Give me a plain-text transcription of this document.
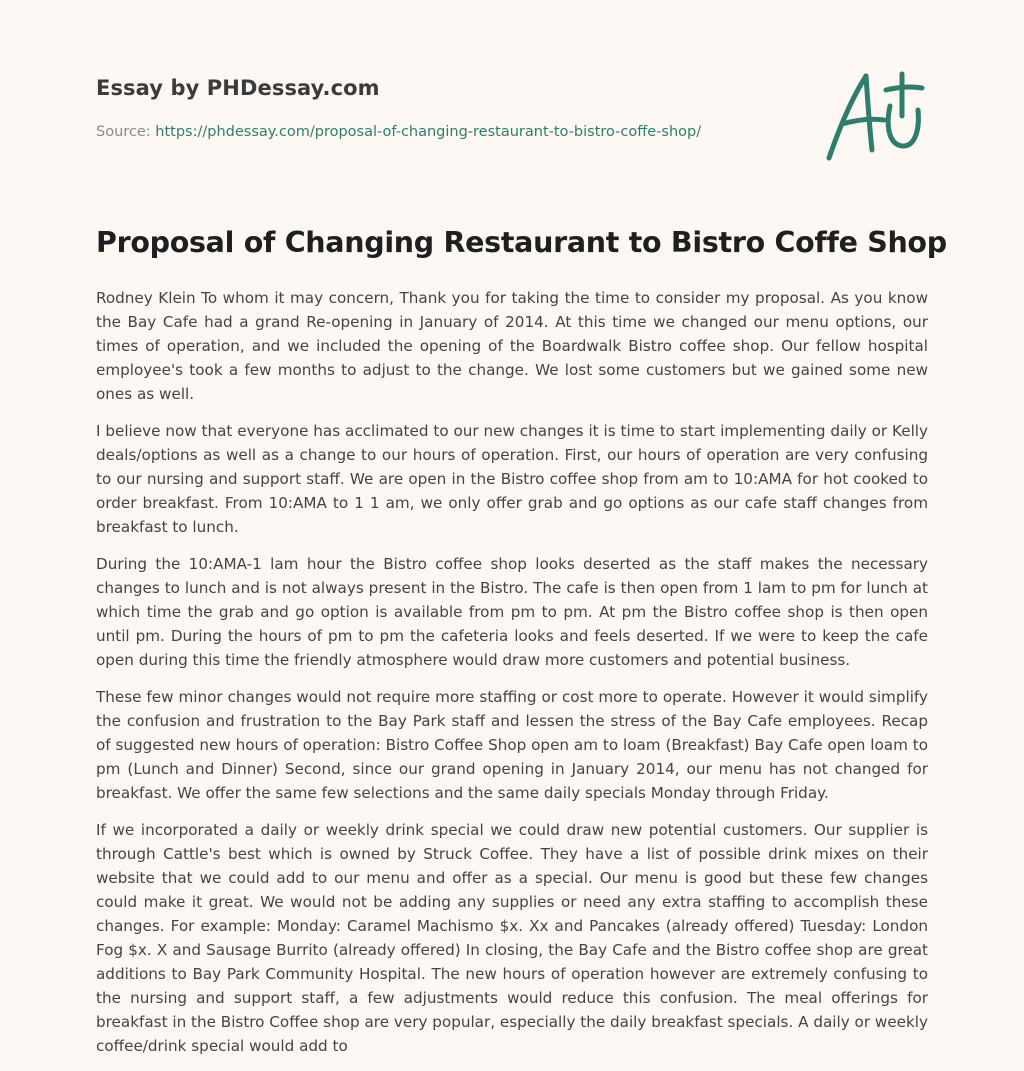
Essay by PHDessay.com
Source: https://phdessay.com/proposal-of-changing-restaurant-to-bistro-coffe-shop/
Proposal of Changing Restaurant to Bistro Coffe Shop

Rodney Klein To whom it may concern, Thank you for taking the time to consider my proposal. As you know the Bay Cafe had a grand Re-opening in January of 2014. At this time we changed our menu options, our times of operation, and we included the opening of the Boardwalk Bistro coffee shop. Our fellow hospital employee's took a few months to adjust to the change. We lost some customers but we gained some new ones as well.

I believe now that everyone has acclimated to our new changes it is time to start implementing daily or Kelly deals/options as well as a change to our hours of operation. First, our hours of operation are very confusing to our nursing and support staff. We are open in the Bistro coffee shop from am to 10:AMA for hot cooked to order breakfast. From 10:AMA to 1 1 am, we only offer grab and go options as our cafe staff changes from breakfast to lunch.

During the 10:AMA-1 lam hour the Bistro coffee shop looks deserted as the staff makes the necessary changes to lunch and is not always present in the Bistro. The cafe is then open from 1 lam to pm for lunch at which time the grab and go option is available from pm to pm. At pm the Bistro coffee shop is then open until pm. During the hours of pm to pm the cafeteria looks and feels deserted. If we were to keep the cafe open during this time the friendly atmosphere would draw more customers and potential business.

These few minor changes would not require more staffing or cost more to operate. However it would simplify the confusion and frustration to the Bay Park staff and lessen the stress of the Bay Cafe employees. Recap of suggested new hours of operation: Bistro Coffee Shop open am to loam (Breakfast) Bay Cafe open loam to pm (Lunch and Dinner) Second, since our grand opening in January 2014, our menu has not changed for breakfast. We offer the same few selections and the same daily specials Monday through Friday.

If we incorporated a daily or weekly drink special we could draw new potential customers. Our supplier is through Cattle's best which is owned by Struck Coffee. They have a list of possible drink mixes on their website that we could add to our menu and offer as a special. Our menu is good but these few changes could make it great. We would not be adding any supplies or need any extra staffing to accomplish these changes. For example: Monday: Caramel Machismo $x. Xx and Pancakes (already offered) Tuesday: London Fog $x. X and Sausage Burrito (already offered) In closing, the Bay Cafe and the Bistro coffee shop are great additions to Bay Park Community Hospital. The new hours of operation however are extremely confusing to the nursing and support staff, a few adjustments would reduce this confusion. The meal offerings for breakfast in the Bistro Coffee shop are very popular, especially the daily breakfast specials. A daily or weekly coffee/drink special would add to
